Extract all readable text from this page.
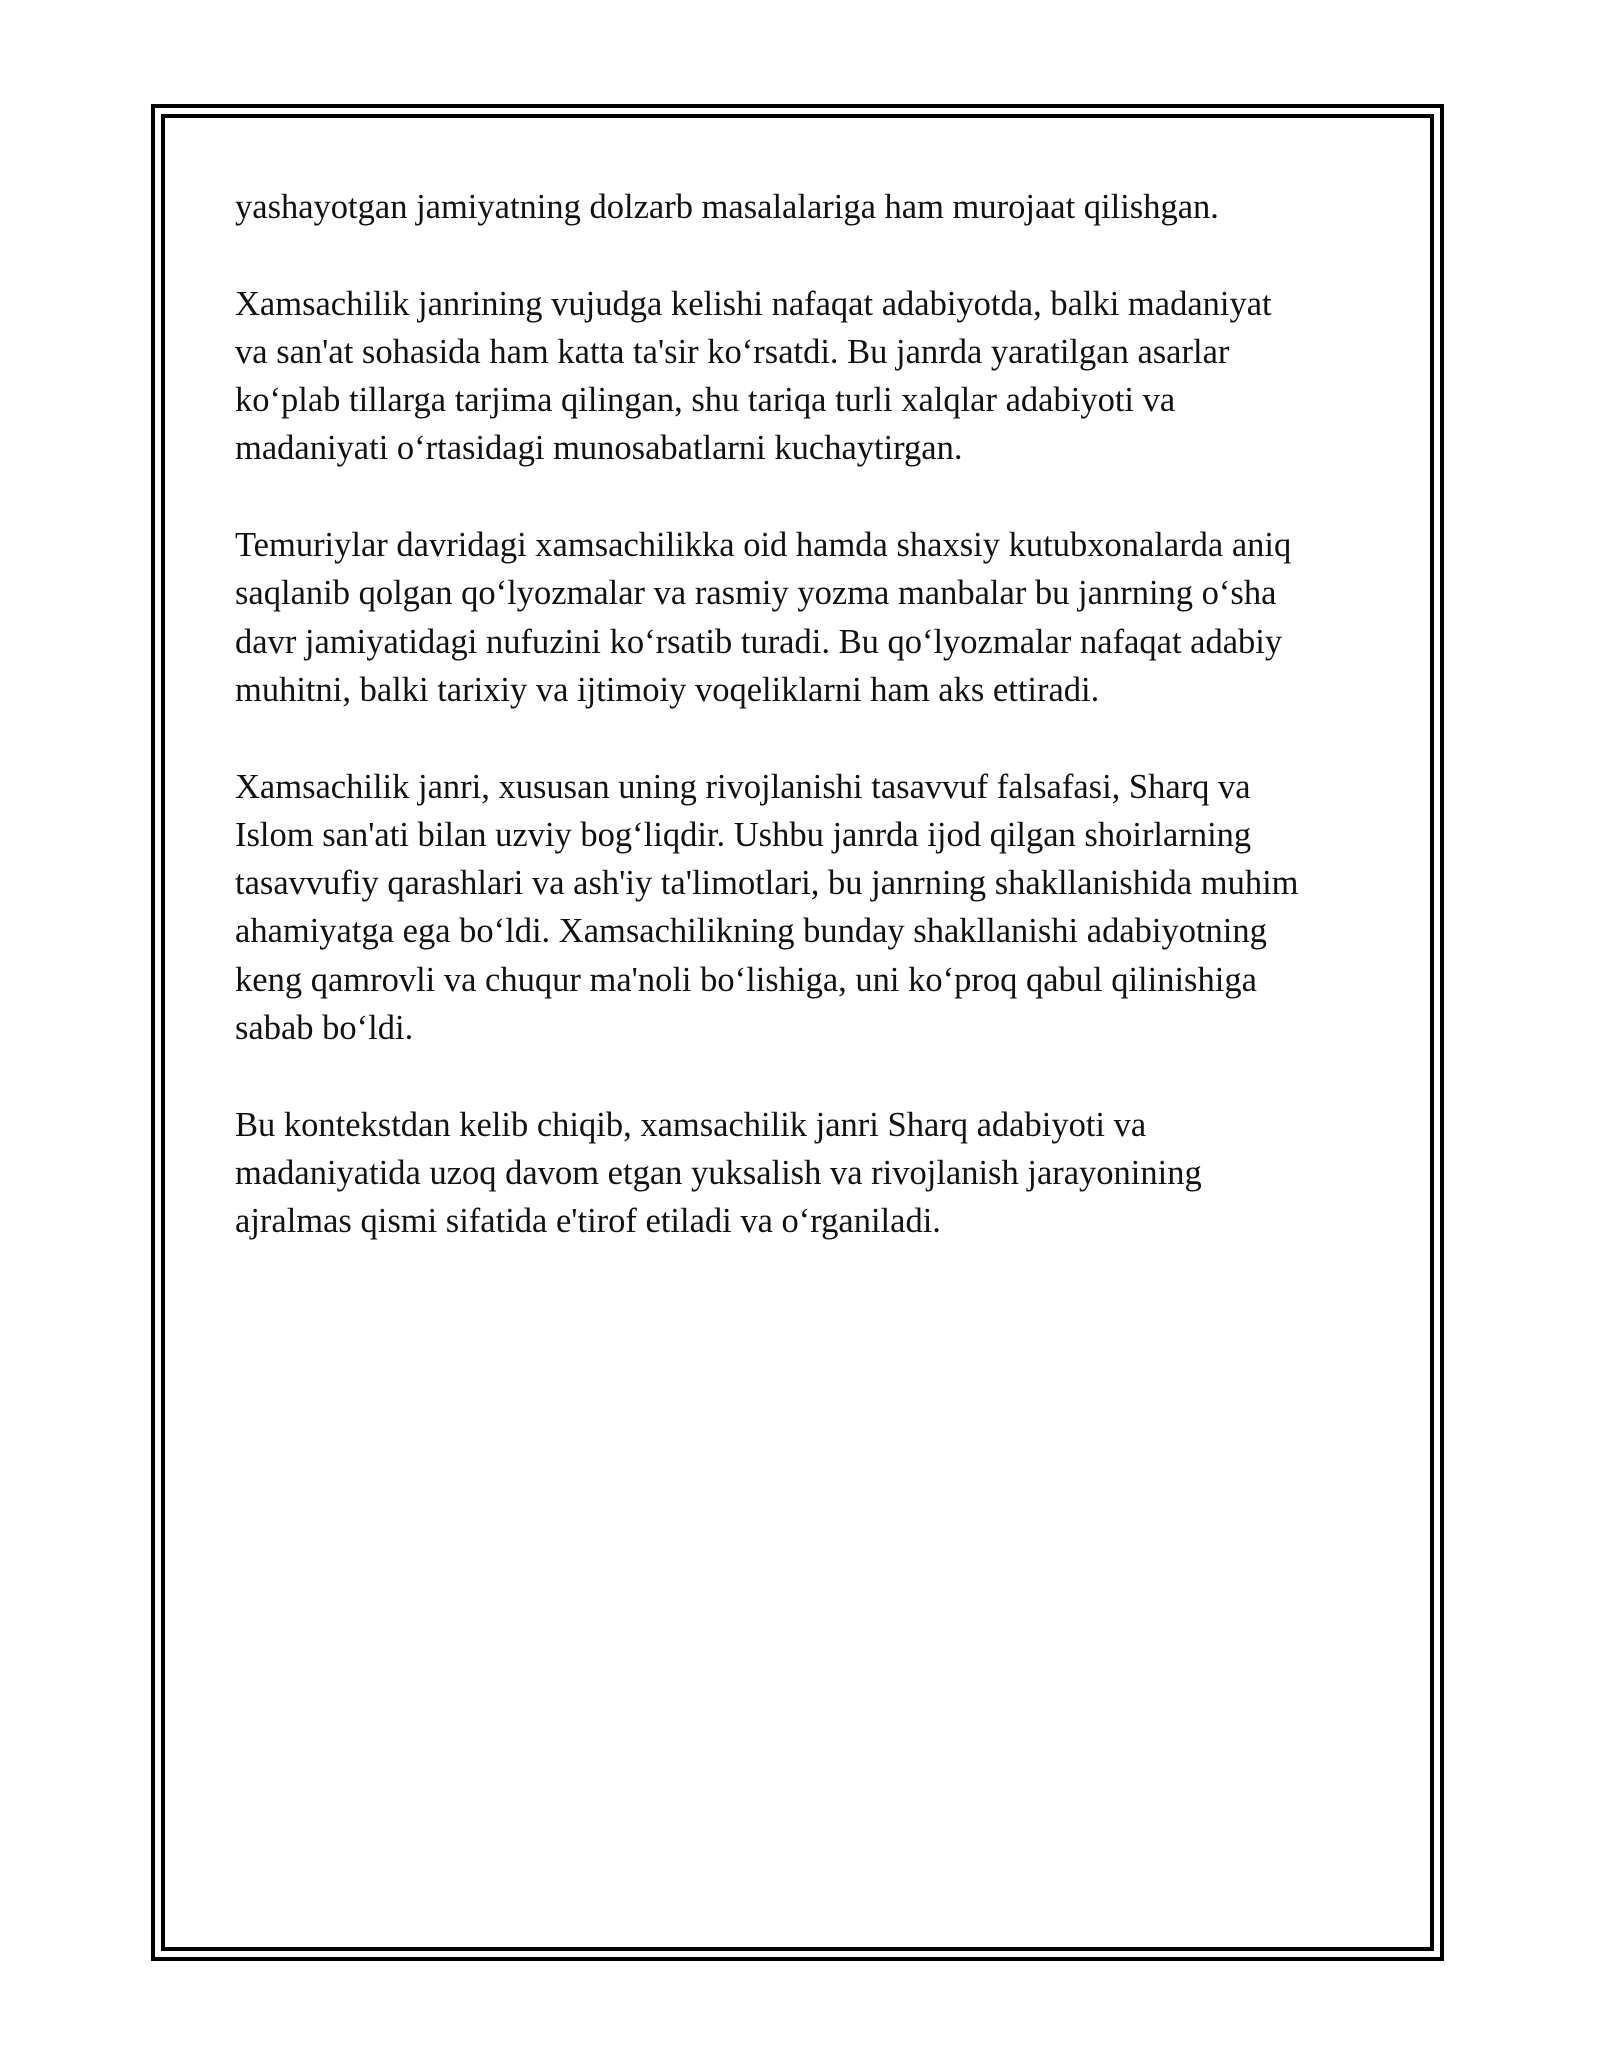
yashayotgan jamiyatning dolzarb masalalariga ham murojaat qilishgan.

Xamsachilik janrining vujudga kelishi nafaqat adabiyotda, balki madaniyat
va san'at sohasida ham katta ta'sir ko‘rsatdi. Bu janrda yaratilgan asarlar
ko‘plab tillarga tarjima qilingan, shu tariqa turli xalqlar adabiyoti va
madaniyati o‘rtasidagi munosabatlarni kuchaytirgan.

Temuriylar davridagi xamsachilikka oid hamda shaxsiy kutubxonalarda aniq
saqlanib qolgan qo‘lyozmalar va rasmiy yozma manbalar bu janrning o‘sha
davr jamiyatidagi nufuzini ko‘rsatib turadi. Bu qo‘lyozmalar nafaqat adabiy
muhitni, balki tarixiy va ijtimoiy voqeliklarni ham aks ettiradi.

Xamsachilik janri, xususan uning rivojlanishi tasavvuf falsafasi, Sharq va
Islom san'ati bilan uzviy bog‘liqdir. Ushbu janrda ijod qilgan shoirlarning
tasavvufiy qarashlari va ash'iy ta'limotlari, bu janrning shakllanishida muhim
ahamiyatga ega bo‘ldi. Xamsachilikning bunday shakllanishi adabiyotning
keng qamrovli va chuqur ma'noli bo‘lishiga, uni ko‘proq qabul qilinishiga
sabab bo‘ldi.

Bu kontekstdan kelib chiqib, xamsachilik janri Sharq adabiyoti va
madaniyatida uzoq davom etgan yuksalish va rivojlanish jarayonining
ajralmas qismi sifatida e'tirof etiladi va o‘rganiladi.
